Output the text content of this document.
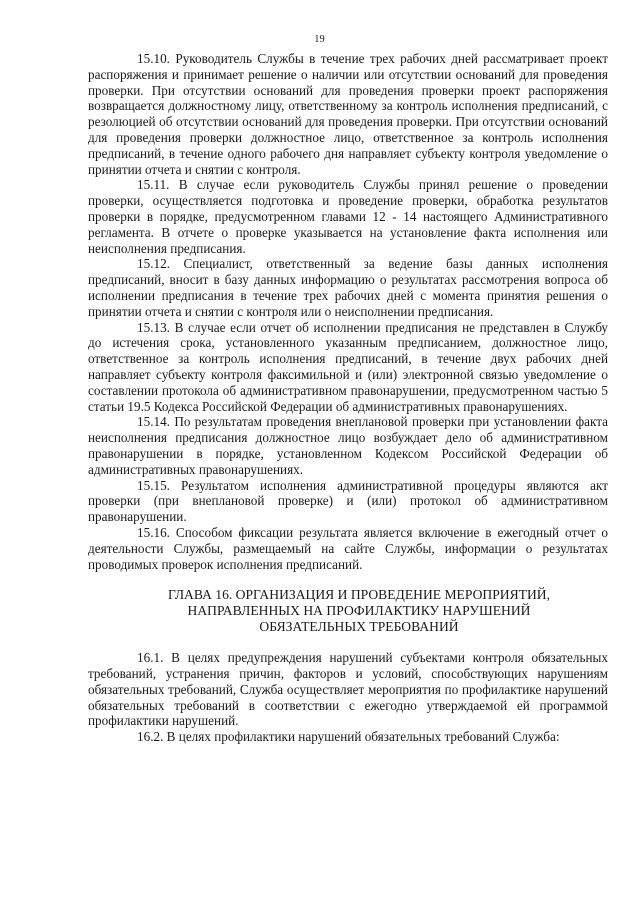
19

15.10. Руководитель Службы в течение трех рабочих дней рассматривает проект распоряжения и принимает решение о наличии или отсутствии оснований для проведения проверки. При отсутствии оснований для проведения проверки проект распоряжения возвращается должностному лицу, ответственному за контроль исполнения предписаний, с резолюцией об отсутствии оснований для проведения проверки. При отсутствии оснований для проведения проверки должностное лицо, ответственное за контроль исполнения предписаний, в течение одного рабочего дня направляет субъекту контроля уведомление о принятии отчета и снятии с контроля.

15.11. В случае если руководитель Службы принял решение о проведении проверки, осуществляется подготовка и проведение проверки, обработка результатов проверки в порядке, предусмотренном главами 12 - 14 настоящего Административного регламента. В отчете о проверке указывается на установление факта исполнения или неисполнения предписания.

15.12. Специалист, ответственный за ведение базы данных исполнения предписаний, вносит в базу данных информацию о результатах рассмотрения вопроса об исполнении предписания в течение трех рабочих дней с момента принятия решения о принятии отчета и снятии с контроля или о неисполнении предписания.

15.13. В случае если отчет об исполнении предписания не представлен в Службу до истечения срока, установленного указанным предписанием, должностное лицо, ответственное за контроль исполнения предписаний, в течение двух рабочих дней направляет субъекту контроля факсимильной и (или) электронной связью уведомление о составлении протокола об административном правонарушении, предусмотренном частью 5 статьи 19.5 Кодекса Российской Федерации об административных правонарушениях.

15.14. По результатам проведения внеплановой проверки при установлении факта неисполнения предписания должностное лицо возбуждает дело об административном правонарушении в порядке, установленном Кодексом Российской Федерации об административных правонарушениях.

15.15. Результатом исполнения административной процедуры являются акт проверки (при внеплановой проверке) и (или) протокол об административном правонарушении.

15.16. Способом фиксации результата является включение в ежегодный отчет о деятельности Службы, размещаемый на сайте Службы, информации о результатах проводимых проверок исполнения предписаний.

ГЛАВА 16. ОРГАНИЗАЦИЯ И ПРОВЕДЕНИЕ МЕРОПРИЯТИЙ,
НАПРАВЛЕННЫХ НА ПРОФИЛАКТИКУ НАРУШЕНИЙ
ОБЯЗАТЕЛЬНЫХ ТРЕБОВАНИЙ

16.1. В целях предупреждения нарушений субъектами контроля обязательных требований, устранения причин, факторов и условий, способствующих нарушениям обязательных требований, Служба осуществляет мероприятия по профилактике нарушений обязательных требований в соответствии с ежегодно утверждаемой ей программой профилактики нарушений.

16.2. В целях профилактики нарушений обязательных требований Служба:
